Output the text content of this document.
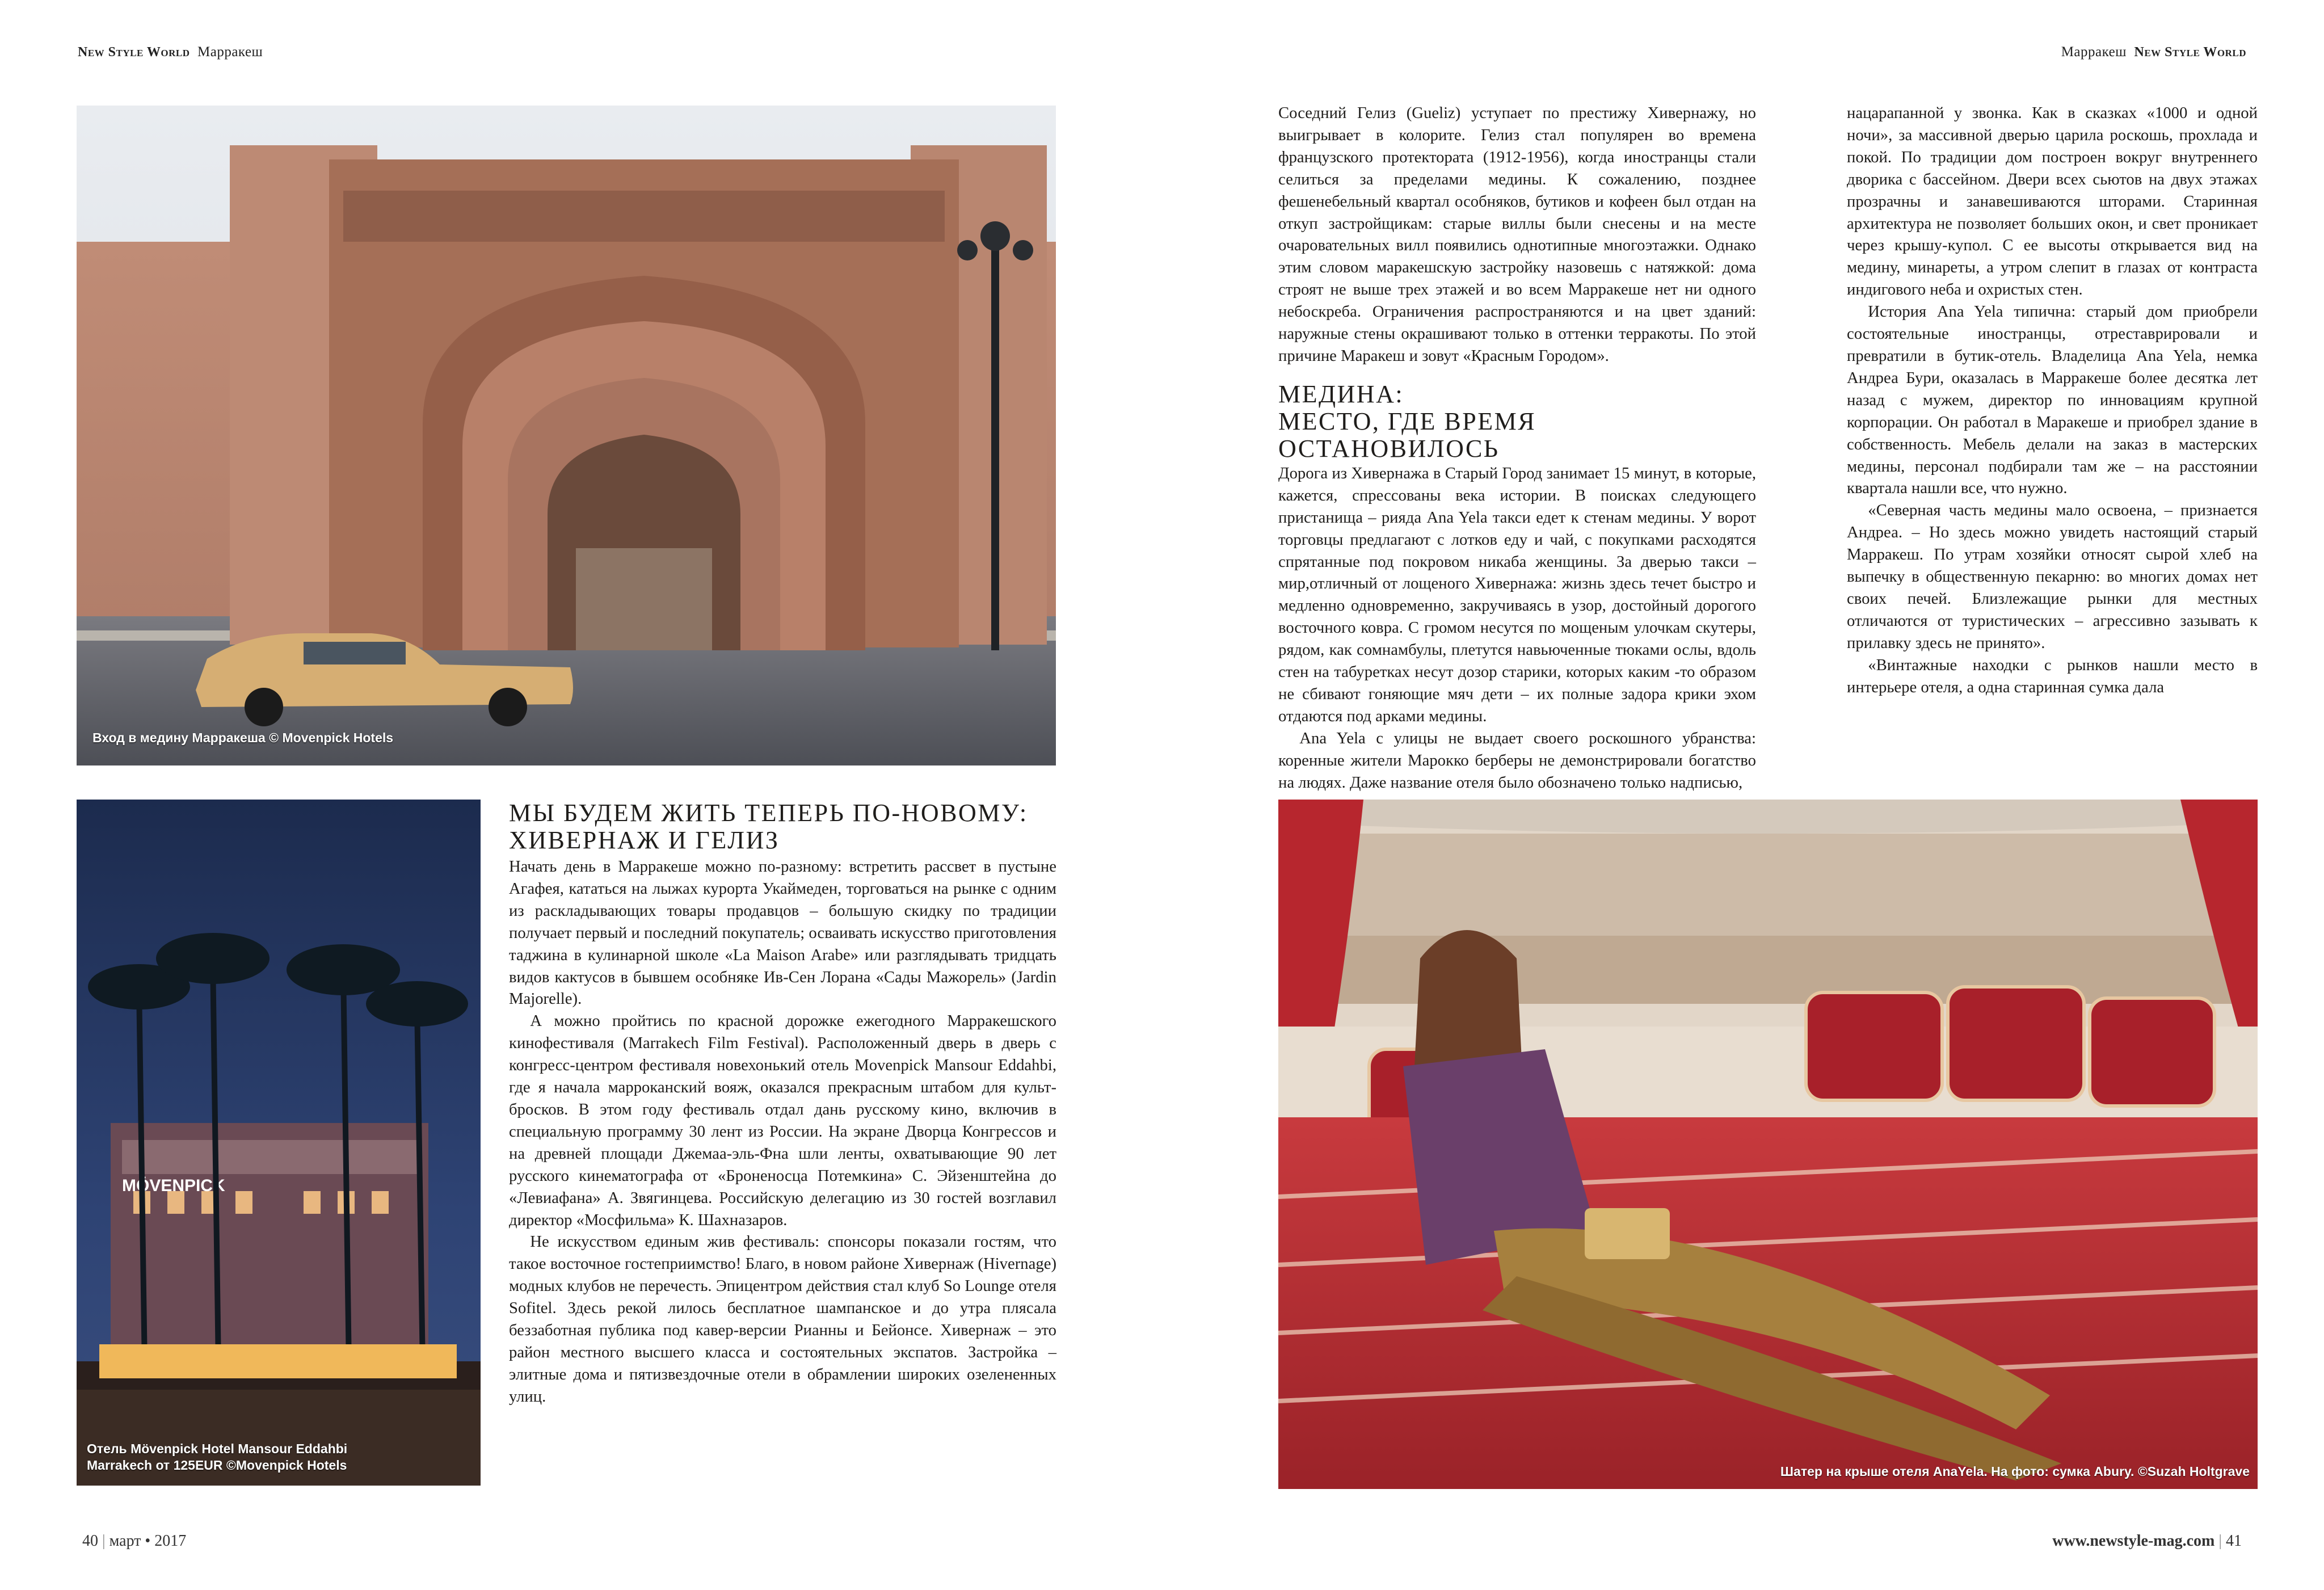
New Style World Марракеш	Марракеш New Style World
Вход в медину Марракеша © Movenpick Hotels
MÖVENPICK
Отель Mövenpick Hotel Mansour Eddahbi
Marrakech от 125EUR ©Movenpick Hotels	Шатер на крыше отеля AnaYela. На фото: сумка Abury. ©Suzah Holtgrave
МЫ БУДЕМ ЖИТЬ ТЕПЕРЬ ПО-НОВОМУ:
ХИВЕРНАЖ И ГЕЛИЗ

Начать день в Марракеше можно по-разному: встретить рассвет в пустыне Агафея, кататься на лыжах курорта Укаймеден, торговаться на рынке с одним из раскладывающих товары продавцов – большую скидку по традиции получает первый и последний покупатель; осваивать искусство приготовления таджина в кулинарной школе «La Maison Arabe» или разглядывать тридцать видов кактусов в бывшем особняке Ив-Сен Лорана «Сады Мажорель» (Jardin Majorelle).

А можно пройтись по красной дорожке ежегодного Марракешского кинофестиваля (Marrakech Film Festival). Расположенный дверь в дверь с конгресс-центром фестиваля новехонький отель Movenpick Mansour Eddahbi, где я начала марроканский вояж, оказался прекрасным штабом для культ-бросков. В этом году фестиваль отдал дань русскому кино, включив в специальную программу 30 лент из России. На экране Дворца Конгрессов и на древней площади Джемаа-эль-Фна шли ленты, охватывающие 90 лет русского кинематографа от «Броненосца Потемкина» С. Эйзенштейна до «Левиафана» А. Звягинцева. Российскую делегацию из 30 гостей возглавил директор «Мосфильма» К. Шахназаров.

Не искусством единым жив фестиваль: спонсоры показали гостям, что такое восточное гостеприимство! Благо, в новом районе Хивернаж (Hivernage) модных клубов не перечесть. Эпицентром действия стал клуб So Lounge отеля Sofitel. Здесь рекой лилось бесплатное шампанское и до утра плясала беззаботная публика под кавер-версии Рианны и Бейонсе. Хивернаж – это район местного высшего класса и состоятельных экспатов. Застройка – элитные дома и пятизвездочные отели в обрамлении широких озелененных улиц.

Соседний Гелиз (Gueliz) уступает по престижу Хивернажу, но выигрывает в колорите. Гелиз стал популярен во времена французского протектората (1912-1956), когда иностранцы стали селиться за пределами медины. К сожалению, позднее фешенебельный квартал особняков, бутиков и кофеен был отдан на откуп застройщикам: старые виллы были снесены и на месте очаровательных вилл появились однотипные многоэтажки. Однако этим словом маракешскую застройку назовешь с натяжкой: дома строят не выше трех этажей и во всем Марракеше нет ни одного небоскреба. Ограничения распространяются и на цвет зданий: наружные стены окрашивают только в оттенки терракоты. По этой причине Маракеш и зовут «Красным Городом».

МЕДИНА:
МЕСТО, ГДЕ ВРЕМЯ ОСТАНОВИЛОСЬ

Дорога из Хивернажа в Старый Город занимает 15 минут, в которые, кажется, спрессованы века истории. В поисках следующего пристанища – рияда Ana Yela такси едет к стенам медины. У ворот торговцы предлагают с лотков еду и чай, с покупками расходятся спрятанные под покровом никаба женщины. За дверью такси – мир,отличный от лощеного Хивернажа: жизнь здесь течет быстро и медленно одновременно, закручиваясь в узор, достойный дорогого восточного ковра. С громом несутся по мощеным улочкам скутеры, рядом, как сомнамбулы, плетутся навьюченные тюками ослы, вдоль стен на табуретках несут дозор старики, которых каким -то образом не сбивают гоняющие мяч дети – их полные задора крики эхом отдаются под арками медины.

Ana Yela с улицы не выдает своего роскошного убранства: коренные жители Марокко берберы не демонстрировали богатство на людях. Даже название отеля было обозначено только надписью,

нацарапанной у звонка. Как в сказках «1000 и одной ночи», за массивной дверью царила роскошь, прохлада и покой. По традиции дом построен вокруг внутреннего дворика с бассейном. Двери всех сьютов на двух этажах прозрачны и занавешиваются шторами. Старинная архитектура не позволяет больших окон, и свет проникает через крышу-купол. С ее высоты открывается вид на медину, минареты, а утром слепит в глазах от контраста индигового неба и охристых стен.

История Ana Yela типична: старый дом приобрели состоятельные иностранцы, отреставрировали и превратили в бутик-отель. Владелица Ana Yela, немка Андреа Бури, оказалась в Марракеше более десятка лет назад с мужем, директор по инновациям крупной корпорации. Он работал в Маракеше и приобрел здание в собственность. Мебель делали на заказ в мастерских медины, персонал подбирали там же – на расстоянии квартала нашли все, что нужно.

«Северная часть медины мало освоена, – признается Андреа. – Но здесь можно увидеть настоящий старый Марракеш. По утрам хозяйки относят сырой хлеб на выпечку в общественную пекарню: во многих домах нет своих печей. Близлежащие рынки для местных отличаются от туристических – агрессивно зазывать к прилавку здесь не принято».

«Винтажные находки с рынков нашли место в интерьере отеля, а одна старинная сумка дала

40 | март • 2017	www.newstyle-mag.com | 41
